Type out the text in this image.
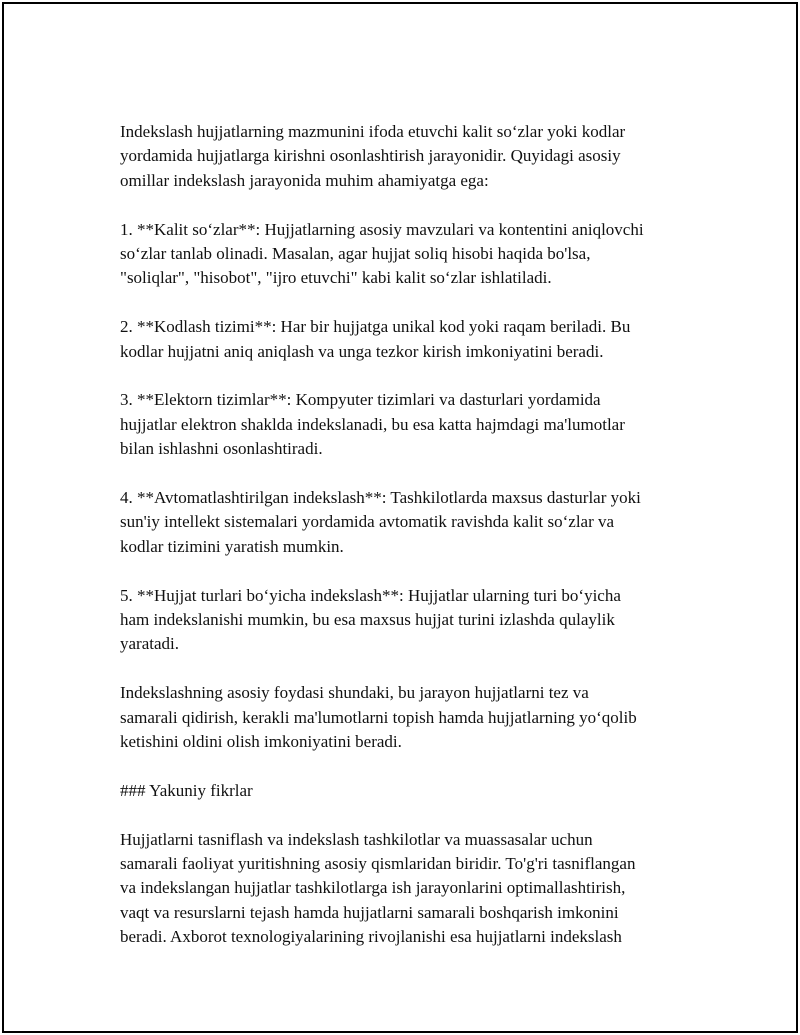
Indekslash hujjatlarning mazmunini ifoda etuvchi kalit so‘zlar yoki kodlar
yordamida hujjatlarga kirishni osonlashtirish jarayonidir. Quyidagi asosiy
omillar indekslash jarayonida muhim ahamiyatga ega:

1. **Kalit so‘zlar**: Hujjatlarning asosiy mavzulari va kontentini aniqlovchi
so‘zlar tanlab olinadi. Masalan, agar hujjat soliq hisobi haqida bo'lsa,
"soliqlar", "hisobot", "ijro etuvchi" kabi kalit so‘zlar ishlatiladi.

2. **Kodlash tizimi**: Har bir hujjatga unikal kod yoki raqam beriladi. Bu
kodlar hujjatni aniq aniqlash va unga tezkor kirish imkoniyatini beradi.

3. **Elektorn tizimlar**: Kompyuter tizimlari va dasturlari yordamida
hujjatlar elektron shaklda indekslanadi, bu esa katta hajmdagi ma'lumotlar
bilan ishlashni osonlashtiradi.

4. **Avtomatlashtirilgan indekslash**: Tashkilotlarda maxsus dasturlar yoki
sun'iy intellekt sistemalari yordamida avtomatik ravishda kalit so‘zlar va
kodlar tizimini yaratish mumkin.

5. **Hujjat turlari bo‘yicha indekslash**: Hujjatlar ularning turi bo‘yicha
ham indekslanishi mumkin, bu esa maxsus hujjat turini izlashda qulaylik
yaratadi.

Indekslashning asosiy foydasi shundaki, bu jarayon hujjatlarni tez va
samarali qidirish, kerakli ma'lumotlarni topish hamda hujjatlarning yo‘qolib
ketishini oldini olish imkoniyatini beradi.

### Yakuniy fikrlar

Hujjatlarni tasniflash va indekslash tashkilotlar va muassasalar uchun
samarali faoliyat yuritishning asosiy qismlaridan biridir. To'g'ri tasniflangan
va indekslangan hujjatlar tashkilotlarga ish jarayonlarini optimallashtirish,
vaqt va resurslarni tejash hamda hujjatlarni samarali boshqarish imkonini
beradi. Axborot texnologiyalarining rivojlanishi esa hujjatlarni indekslash
